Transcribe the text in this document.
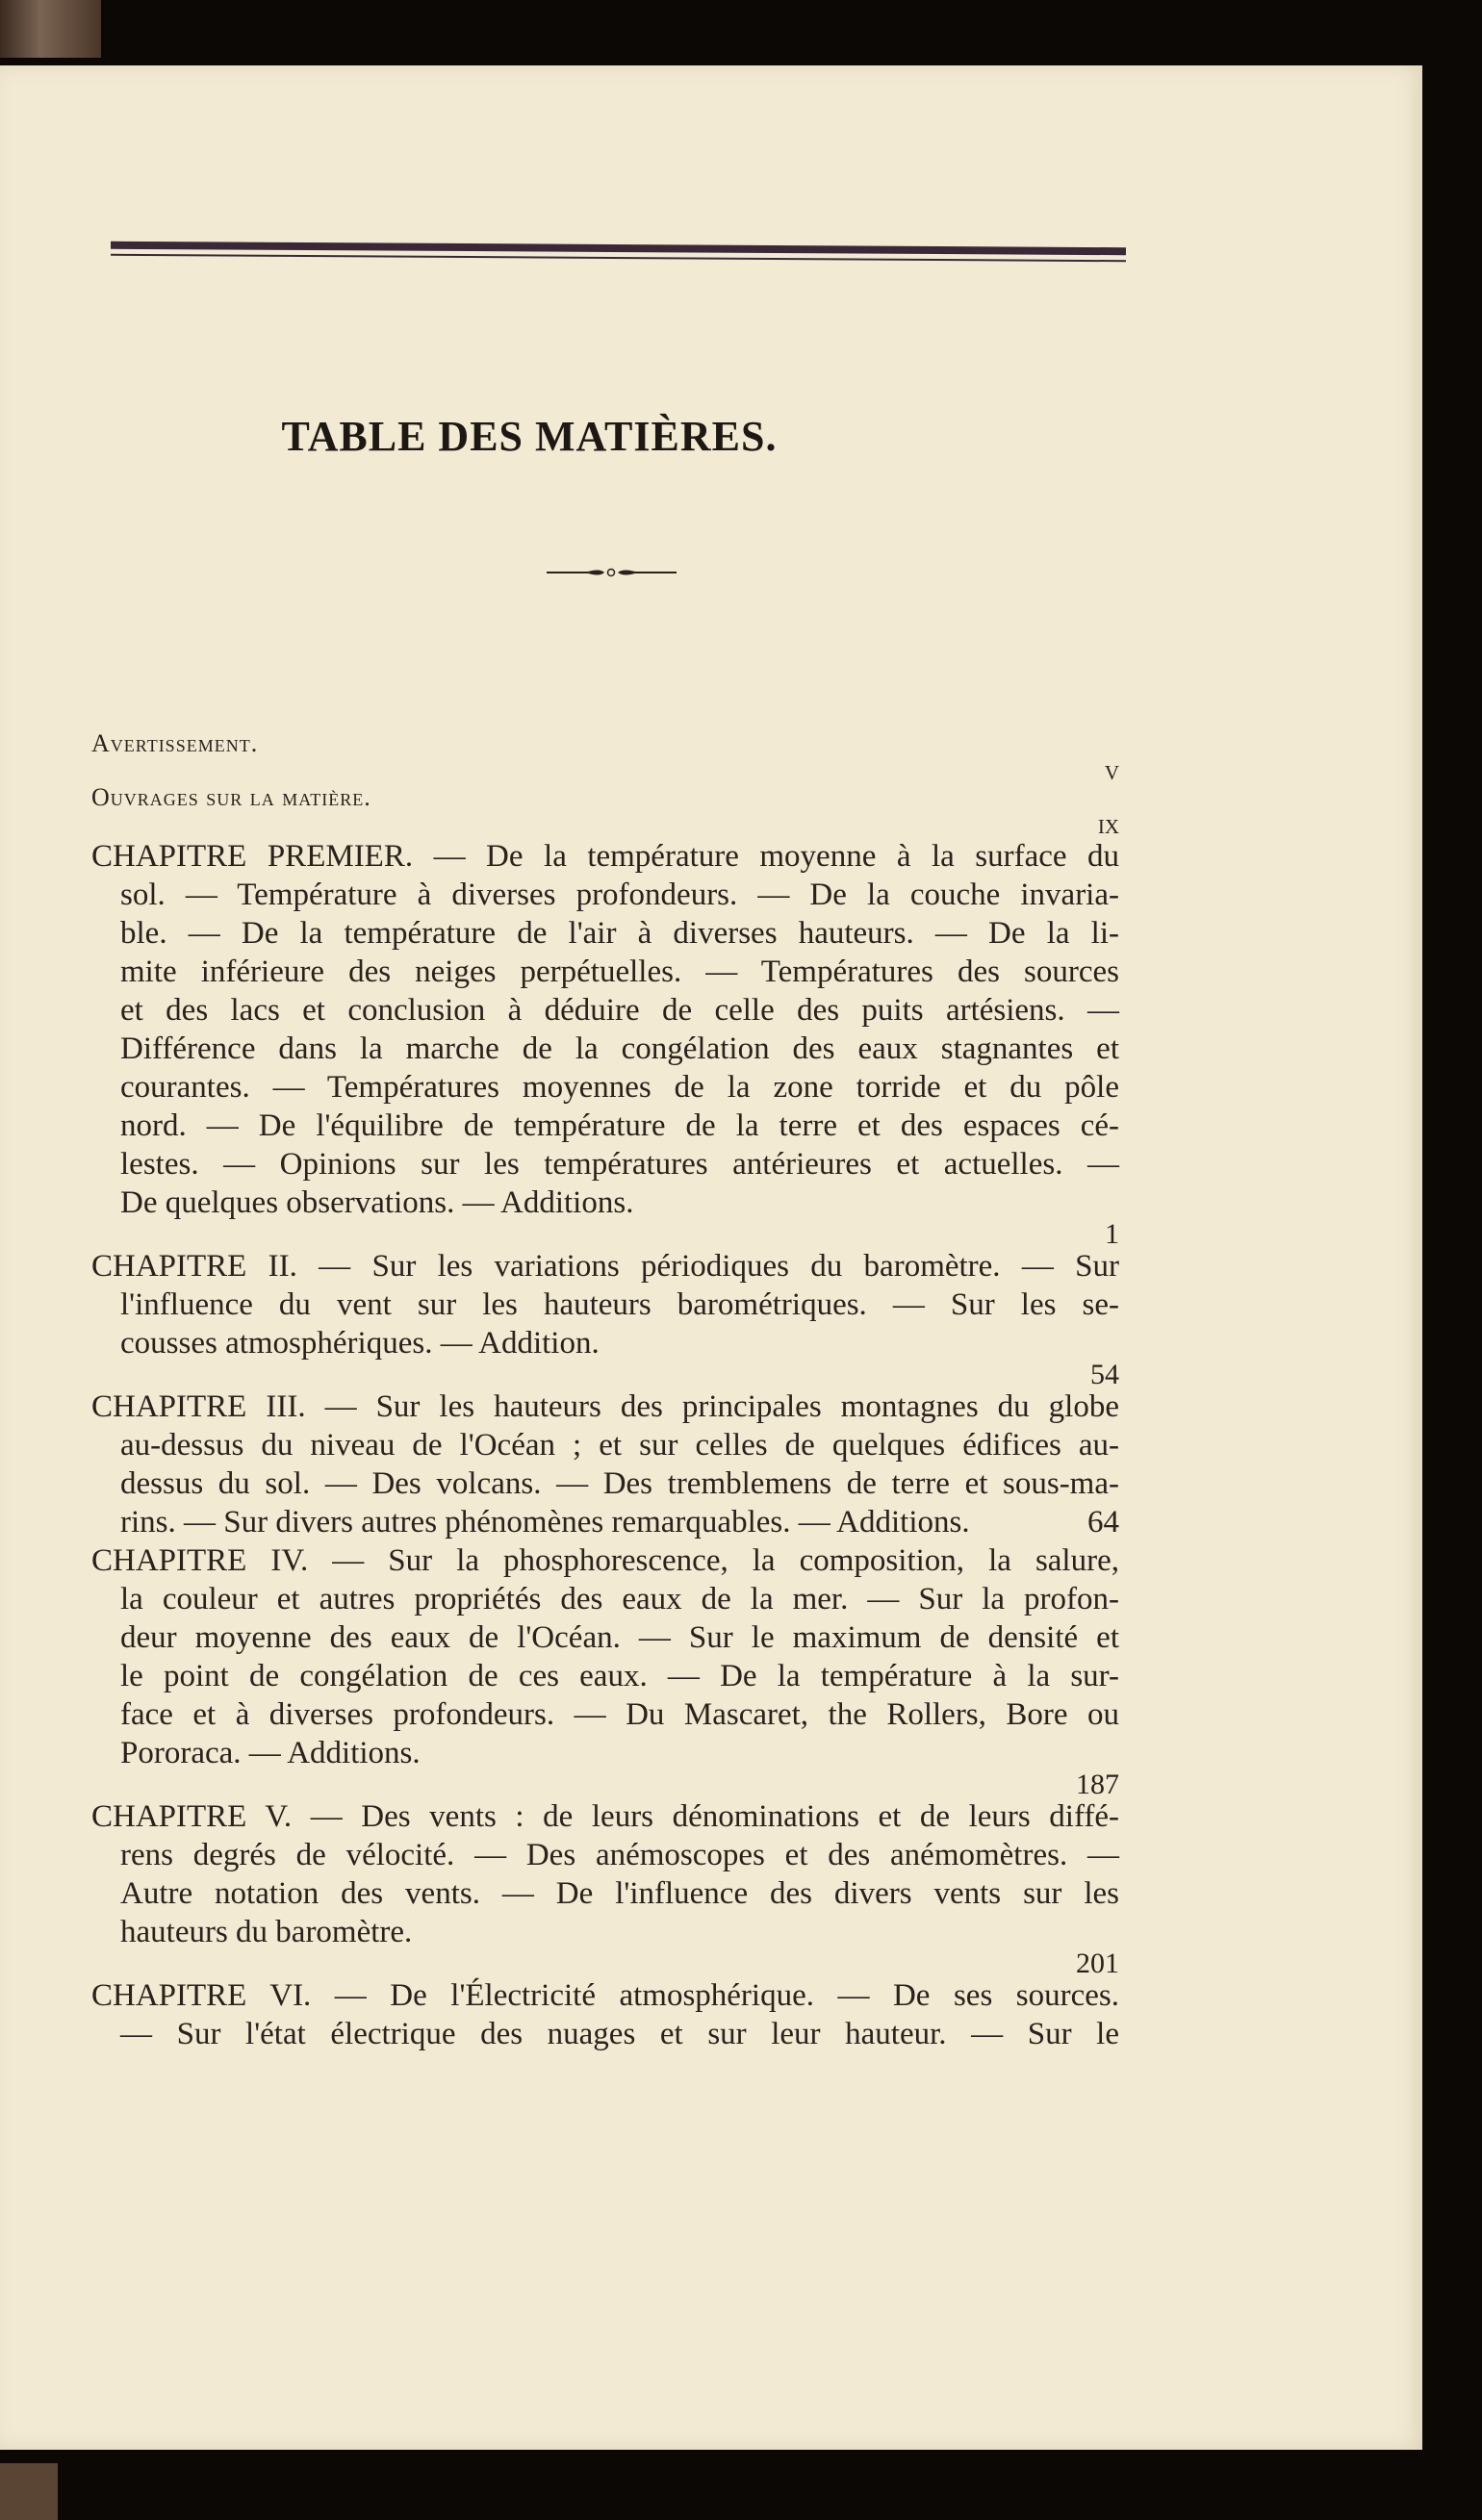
TABLE DES MATIÈRES.
Avertissement.
v
Ouvrages sur la matière.
ix
CHAPITRE PREMIER. — De la température moyenne à la surface du
sol. — Température à diverses profondeurs. — De la couche invaria-
ble. — De la température de l'air à diverses hauteurs. — De la li-
mite inférieure des neiges perpétuelles. — Températures des sources
et des lacs et conclusion à déduire de celle des puits artésiens. —
Différence dans la marche de la congélation des eaux stagnantes et
courantes. — Températures moyennes de la zone torride et du pôle
nord. — De l'équilibre de température de la terre et des espaces cé-
lestes. — Opinions sur les températures antérieures et actuelles. —
De quelques observations. — Additions.
1
CHAPITRE II. — Sur les variations périodiques du baromètre. — Sur
l'influence du vent sur les hauteurs barométriques. — Sur les se-
cousses atmosphériques. — Addition.
54
CHAPITRE III. — Sur les hauteurs des principales montagnes du globe
au-dessus du niveau de l'Océan ; et sur celles de quelques édifices au-
dessus du sol. — Des volcans. — Des tremblemens de terre et sous-ma-
rins. — Sur divers autres phénomènes remarquables. — Additions.	64
CHAPITRE IV. — Sur la phosphorescence, la composition, la salure,
la couleur et autres propriétés des eaux de la mer. — Sur la profon-
deur moyenne des eaux de l'Océan. — Sur le maximum de densité et
le point de congélation de ces eaux. — De la température à la sur-
face et à diverses profondeurs. — Du Mascaret, the Rollers, Bore ou
Pororaca. — Additions.
187
CHAPITRE V. — Des vents : de leurs dénominations et de leurs diffé-
rens degrés de vélocité. — Des anémoscopes et des anémomètres. —
Autre notation des vents. — De l'influence des divers vents sur les
hauteurs du baromètre.
201
CHAPITRE VI. — De l'Électricité atmosphérique. — De ses sources.
— Sur l'état électrique des nuages et sur leur hauteur. — Sur le
